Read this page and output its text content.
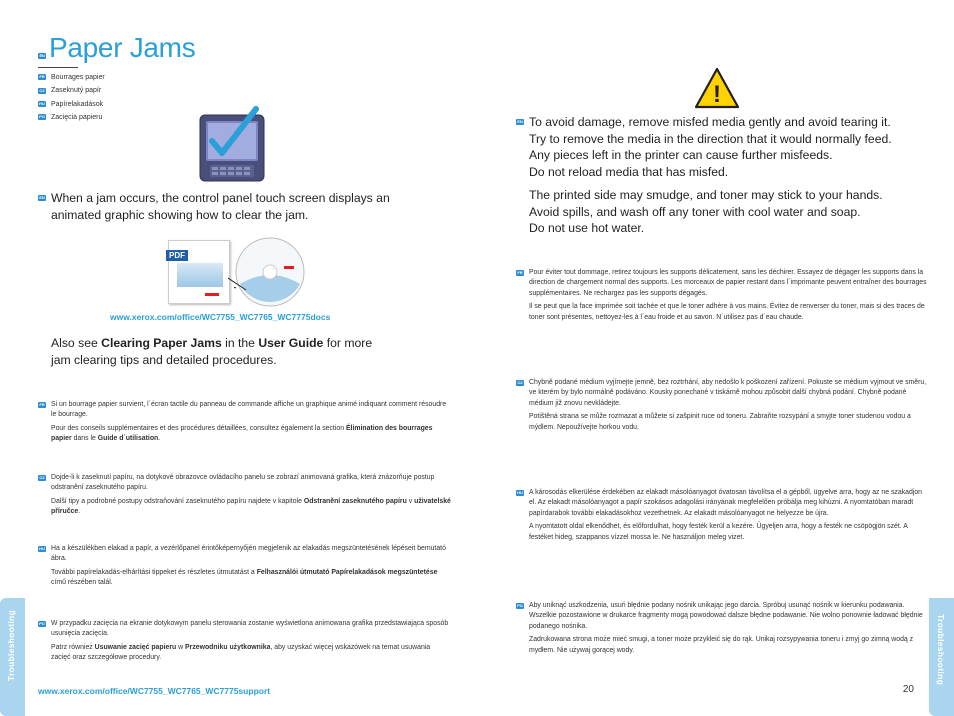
EN Paper Jams
FR Bourrages papier
CZ Zaseknutý papír
HU Papírelakadások
PO Zacięcia papieru
EN When a jam occurs, the control panel touch screen displays an animated graphic showing how to clear the jam.
PDF
www.xerox.com/office/WC7755_WC7765_WC7775docs
Also see Clearing Paper Jams in the User Guide for more jam clearing tips and detailed procedures.
FR Si un bourrage papier survient, l´écran tactile du panneau de commande affiche un graphique animé indiquant comment résoudre le bourrage.

Pour des conseils supplémentaires et des procédures détaillées, consultez également la section Élimination des bourrages papier dans le Guide d´utilisation.

CZ Dojde-li k zaseknutí papíru, na dotykové obrazovce ovládacího panelu se zobrazí animovaná grafika, která znázorňuje postup odstranění zaseknutého papíru.

Další tipy a podrobné postupy odstraňování zaseknutého papíru najdete v kapitole Odstranění zaseknutého papíru v uživatelské příručce.

HU Ha a készülékben elakad a papír, a vezérlőpanel érintőképernyőjén megjelenik az elakadás megszüntetésének lépéseit bemutató ábra.

További papírelakadás-elhárítási tippeket és részletes útmutatást a Felhasználói útmutató Papírelakadások megszüntetése című részében talál.

PO W przypadku zacięcia na ekranie dotykowym panelu sterowania zostanie wyświetlona animowana grafika przedstawiająca sposób usunięcia zacięcia.

Patrz również Usuwanie zacięć papieru w Przewodniku użytkownika, aby uzyskać więcej wskazówek na temat usuwania zacięć oraz szczegółowe procedury.

www.xerox.com/office/WC7755_WC7765_WC7775support
Troubleshooting
!
EN To avoid damage, remove misfed media gently and avoid tearing it.
Try to remove the media in the direction that it would normally feed.
Any pieces left in the printer can cause further misfeeds.
Do not reload media that has misfed.
The printed side may smudge, and toner may stick to your hands.
Avoid spills, and wash off any toner with cool water and soap.
Do not use hot water.
FR Pour éviter tout dommage, retirez toujours les supports délicatement, sans les déchirer. Essayez de dégager les supports dans la direction de chargement normal des supports. Les morceaux de papier restant dans l´imprimante peuvent entraîner des bourrages supplémentaires. Ne rechargez pas les supports dégagés.

Il se peut que la face imprimée soit tachée et que le toner adhère à vos mains. Évitez de renverser du toner, mais si des traces de toner sont présentes, nettoyez-les à l´eau froide et au savon. N´utilisez pas d´eau chaude.

CZ Chybně podané médium vyjímejte jemně, bez roztrhání, aby nedošlo k poškození zařízení. Pokuste se médium vyjmout ve směru, ve kterém by bylo normálně podáváno. Kousky ponechané v tiskárně mohou způsobit další chybná podání. Chybně podané médium již znovu nevkládejte.

Potištěná strana se může rozmazat a můžete si zašpinit ruce od toneru. Zabraňte rozsypání a smyjte toner studenou vodou a mýdlem. Nepoužívejte horkou vodu.

HU A károsodás elkerülése érdekében az elakadt másolóanyagot óvatosan távolítsa el a gépből, ügyelve arra, hogy az ne szakadjon el. Az elakadt másolóanyagot a papír szokásos adagolási irányának megfelelően próbálja meg kihúzni. A nyomtatóban maradt papírdarabok további elakadásokhoz vezethetnek. Az elakadt másolóanyagot ne helyezze be újra.

A nyomtatott oldal elkenődhet, és előfordulhat, hogy festék kerül a kezére. Ügyeljen arra, hogy a festék ne csöpögjön szét. A festéket hideg, szappanos vízzel mossa le. Ne használjon meleg vizet.

PO Aby uniknąć uszkodzenia, usuń błędnie podany nośnik unikając jego darcia. Spróbuj usunąć nośnik w kierunku podawania. Wszelkie pozostawione w drukarce fragmenty mogą powodować dalsze błędne podawanie. Nie wolno ponownie ładować błędnie podanego nośnika.

Zadrukowana strona może mieć smugi, a toner może przykleić się do rąk. Unikaj rozsypywania toneru i zmyj go zimną wodą z mydłem. Nie używaj gorącej wody.	Troubleshooting
20
